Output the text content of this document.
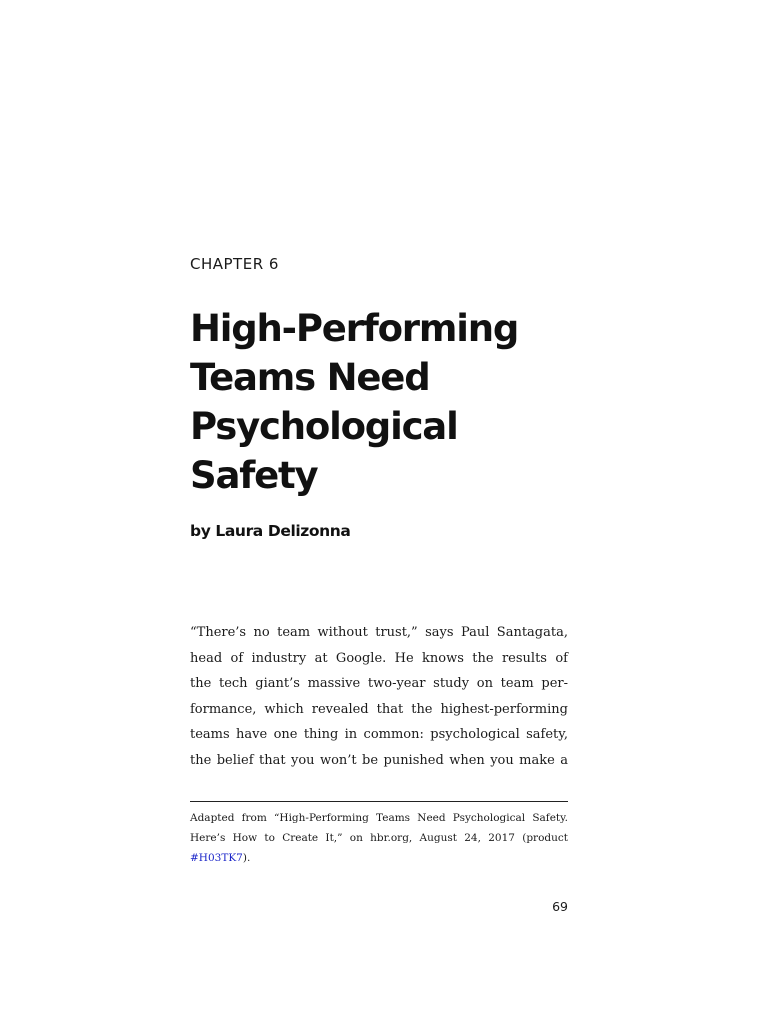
CHAPTER 6
High-Performing
Teams Need
Psychological
Safety
by Laura Delizonna
“There’s no team without trust,” says Paul Santagata,
head of industry at Google. He knows the results of
the tech giant’s massive two-year study on team per-
formance, which revealed that the highest-performing
teams have one thing in common: psychological safety,
the belief that you won’t be punished when you make a
Adapted from “High-Performing Teams Need Psychological Safety.
Here’s How to Create It,” on hbr.org, August 24, 2017 (product
#H03TK7).
69
